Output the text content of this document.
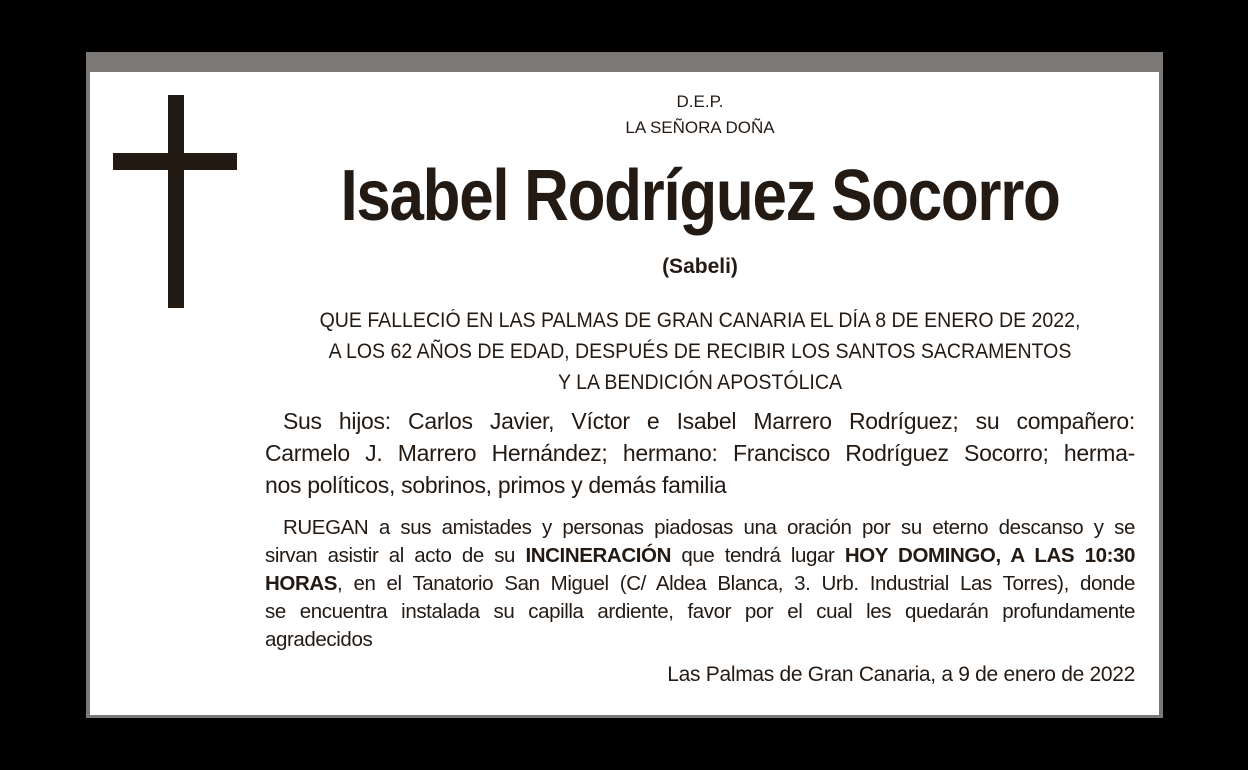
D.E.P.
LA SEÑORA DOÑA
Isabel Rodríguez Socorro
(Sabeli)
QUE FALLECIÓ EN LAS PALMAS DE GRAN CANARIA EL DÍA 8 DE ENERO DE 2022,
A LOS 62 AÑOS DE EDAD, DESPUÉS DE RECIBIR LOS SANTOS SACRAMENTOS
Y LA BENDICIÓN APOSTÓLICA
Sus hijos: Carlos Javier, Víctor e Isabel Marrero Rodríguez; su compañero:
Carmelo J. Marrero Hernández; hermano: Francisco Rodríguez Socorro; herma-
nos políticos, sobrinos, primos y demás familia
RUEGAN a sus amistades y personas piadosas una oración por su eterno descanso y se
sirvan asistir al acto de su INCINERACIÓN que tendrá lugar HOY DOMINGO, A LAS 10:30
HORAS, en el Tanatorio San Miguel (C/ Aldea Blanca, 3. Urb. Industrial Las Torres), donde
se encuentra instalada su capilla ardiente, favor por el cual les quedarán profundamente
agradecidos
Las Palmas de Gran Canaria, a 9 de enero de 2022
